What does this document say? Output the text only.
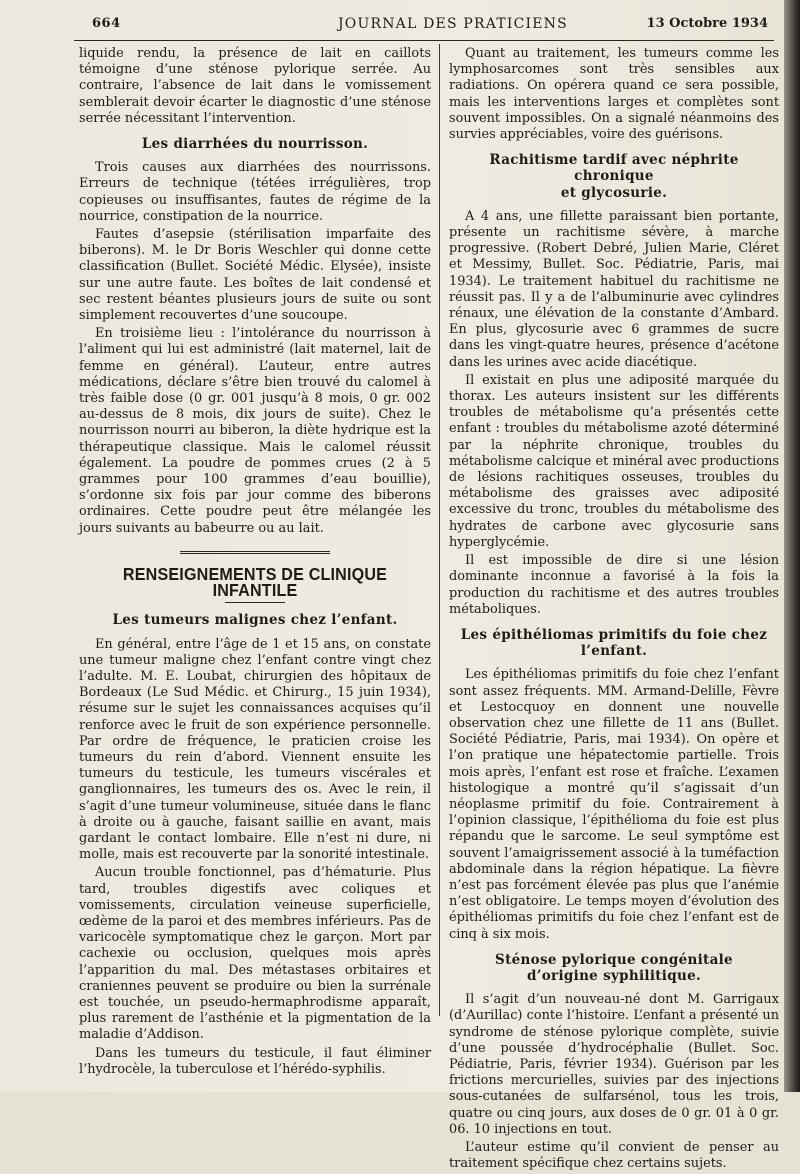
664	JOURNAL DES PRATICIENS	13 Octobre 1934

liquide rendu, la présence de lait en caillots témoigne d’une sténose pylorique serrée. Au contraire, l’absence de lait dans le vomissement semblerait devoir écarter le diagnostic d’une sténose serrée nécessitant l’intervention.

Les diarrhées du nourrisson.

Trois causes aux diarrhées des nourrissons. Erreurs de technique (tétées irrégulières, trop copieuses ou insuffisantes, fautes de régime de la nourrice, constipation de la nourrice.

Fautes d’asepsie (stérilisation imparfaite des biberons). M. le Dr Boris Weschler qui donne cette classification (Bullet. Société Médic. Elysée), insiste sur une autre faute. Les boîtes de lait condensé et sec restent béantes plusieurs jours de suite ou sont simplement recouvertes d’une soucoupe.

En troisième lieu : l’intolérance du nourrisson à l’aliment qui lui est administré (lait maternel, lait de femme en général). L’auteur, entre autres médications, déclare s’être bien trouvé du calomel à très faible dose (0 gr. 001 jusqu’à 8 mois, 0 gr. 002 au-dessus de 8 mois, dix jours de suite). Chez le nourrisson nourri au biberon, la diète hydrique est la thérapeutique classique. Mais le calomel réussit également. La poudre de pommes crues (2 à 5 grammes pour 100 grammes d’eau bouillie), s’ordonne six fois par jour comme des biberons ordinaires. Cette poudre peut être mélangée les jours suivants au babeurre ou au lait.

RENSEIGNEMENTS DE CLINIQUE INFANTILE
Les tumeurs malignes chez l’enfant.

En général, entre l’âge de 1 et 15 ans, on constate une tumeur maligne chez l’enfant contre vingt chez l’adulte. M. E. Loubat, chirurgien des hôpitaux de Bordeaux (Le Sud Médic. et Chirurg., 15 juin 1934), résume sur le sujet les connaissances acquises qu’il renforce avec le fruit de son expérience personnelle. Par ordre de fréquence, le praticien croise les tumeurs du rein d’abord. Viennent ensuite les tumeurs du testicule, les tumeurs viscérales et ganglionnaires, les tumeurs des os. Avec le rein, il s’agit d’une tumeur volumineuse, située dans le flanc à droite ou à gauche, faisant saillie en avant, mais gardant le contact lombaire. Elle n’est ni dure, ni molle, mais est recouverte par la sonorité intestinale.

Aucun trouble fonctionnel, pas d’hématurie. Plus tard, troubles digestifs avec coliques et vomissements, circulation veineuse superficielle, œdème de la paroi et des membres inférieurs. Pas de varicocèle symptomatique chez le garçon. Mort par cachexie ou occlusion, quelques mois après l’apparition du mal. Des métastases orbitaires et craniennes peuvent se produire ou bien la surrénale est touchée, un pseudo-hermaphrodisme apparaît, plus rarement de l’asthénie et la pigmentation de la maladie d’Addison.

Dans les tumeurs du testicule, il faut éliminer l’hydrocèle, la tuberculose et l’hérédo-syphilis.

Quant au traitement, les tumeurs comme les lymphosarcomes sont très sensibles aux radiations. On opérera quand ce sera possible, mais les interventions larges et complètes sont souvent impossibles. On a signalé néanmoins des survies appréciables, voire des guérisons.

Rachitisme tardif avec néphrite chronique
et glycosurie.

A 4 ans, une fillette paraissant bien portante, présente un rachitisme sévère, à marche progressive. (Robert Debré, Julien Marie, Cléret et Messimy, Bullet. Soc. Pédiatrie, Paris, mai 1934). Le traitement habituel du rachitisme ne réussit pas. Il y a de l’albuminurie avec cylindres rénaux, une élévation de la constante d’Ambard. En plus, glycosurie avec 6 grammes de sucre dans les vingt-quatre heures, présence d’acétone dans les urines avec acide diacétique.

Il existait en plus une adiposité marquée du thorax. Les auteurs insistent sur les différents troubles de métabolisme qu’a présentés cette enfant : troubles du métabolisme azoté déterminé par la néphrite chronique, troubles du métabolisme calcique et minéral avec productions de lésions rachitiques osseuses, troubles du métabolisme des graisses avec adiposité excessive du tronc, troubles du métabolisme des hydrates de carbone avec glycosurie sans hyperglycémie.

Il est impossible de dire si une lésion dominante inconnue a favorisé à la fois la production du rachitisme et des autres troubles métaboliques.

Les épithéliomas primitifs du foie chez l’enfant.

Les épithéliomas primitifs du foie chez l’enfant sont assez fréquents. MM. Armand-Delille, Fèvre et Lestocquoy en donnent une nouvelle observation chez une fillette de 11 ans (Bullet. Société Pédiatrie, Paris, mai 1934). On opère et l’on pratique une hépatectomie partielle. Trois mois après, l’enfant est rose et fraîche. L’examen histologique a montré qu’il s’agissait d’un néoplasme primitif du foie. Contrairement à l’opinion classique, l’épithélioma du foie est plus répandu que le sarcome. Le seul symptôme est souvent l’amaigrissement associé à la tuméfaction abdominale dans la région hépatique. La fièvre n’est pas forcément élevée pas plus que l’anémie n’est obligatoire. Le temps moyen d’évolution des épithéliomas primitifs du foie chez l’enfant est de cinq à six mois.

Sténose pylorique congénitale
d’origine syphilitique.

Il s’agit d’un nouveau-né dont M. Garrigaux (d’Aurillac) conte l’histoire. L’enfant a présenté un syndrome de sténose pylorique complète, suivie d’une poussée d’hydrocéphalie (Bullet. Soc. Pédiatrie, Paris, février 1934). Guérison par les frictions mercurielles, suivies par des injections sous-cutanées de sulfarsénol, tous les trois, quatre ou cinq jours, aux doses de 0 gr. 01 à 0 gr. 06. 10 injections en tout.

L’auteur estime qu’il convient de penser au traitement spécifique chez certains sujets.
